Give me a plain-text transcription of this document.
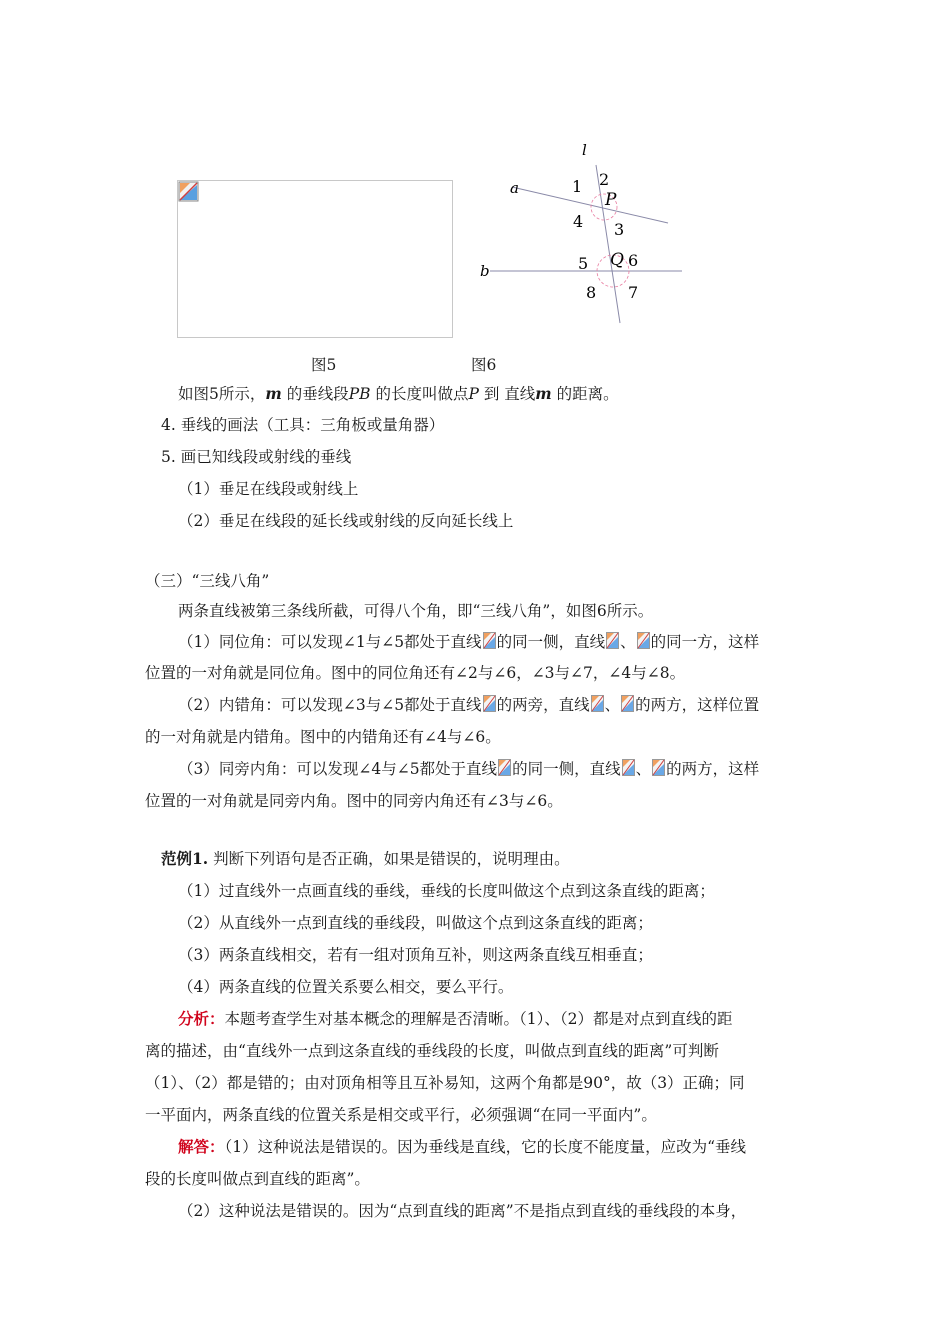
l
a
b
1 2
P
4 3
5 Q 6
8 7
图5	图6
如图5所示，m 的垂线段PB 的长度叫做点P 到 直线m 的距离。
4. 垂线的画法（工具：三角板或量角器）
5. 画已知线段或射线的垂线
（1）垂足在线段或射线上
（2）垂足在线段的延长线或射线的反向延长线上
（三）“三线八角”
两条直线被第三条线所截，可得八个角，即“三线八角”，如图6所示。
（1）同位角：可以发现∠1与∠5都处于直线 的同一侧，直线 、 的同一方，这样
位置的一对角就是同位角。图中的同位角还有∠2与∠6，∠3与∠7，∠4与∠8。
（2）内错角：可以发现∠3与∠5都处于直线 的两旁，直线 、 的两方，这样位置
的一对角就是内错角。图中的内错角还有∠4与∠6。
（3）同旁内角：可以发现∠4与∠5都处于直线 的同一侧，直线 、 的两方，这样
位置的一对角就是同旁内角。图中的同旁内角还有∠3与∠6。
范例1. 判断下列语句是否正确，如果是错误的，说明理由。
（1）过直线外一点画直线的垂线，垂线的长度叫做这个点到这条直线的距离；
（2）从直线外一点到直线的垂线段，叫做这个点到这条直线的距离；
（3）两条直线相交，若有一组对顶角互补，则这两条直线互相垂直；
（4）两条直线的位置关系要么相交，要么平行。
分析：本题考查学生对基本概念的理解是否清晰。（1）、（2）都是对点到直线的距
离的描述，由“直线外一点到这条直线的垂线段的长度，叫做点到直线的距离”可判断
（1）、（2）都是错的；由对顶角相等且互补易知，这两个角都是90°，故（3）正确；同
一平面内，两条直线的位置关系是相交或平行，必须强调“在同一平面内”。
解答：（1）这种说法是错误的。因为垂线是直线，它的长度不能度量，应改为“垂线
段的长度叫做点到直线的距离”。
（2）这种说法是错误的。因为“点到直线的距离”不是指点到直线的垂线段的本身，
